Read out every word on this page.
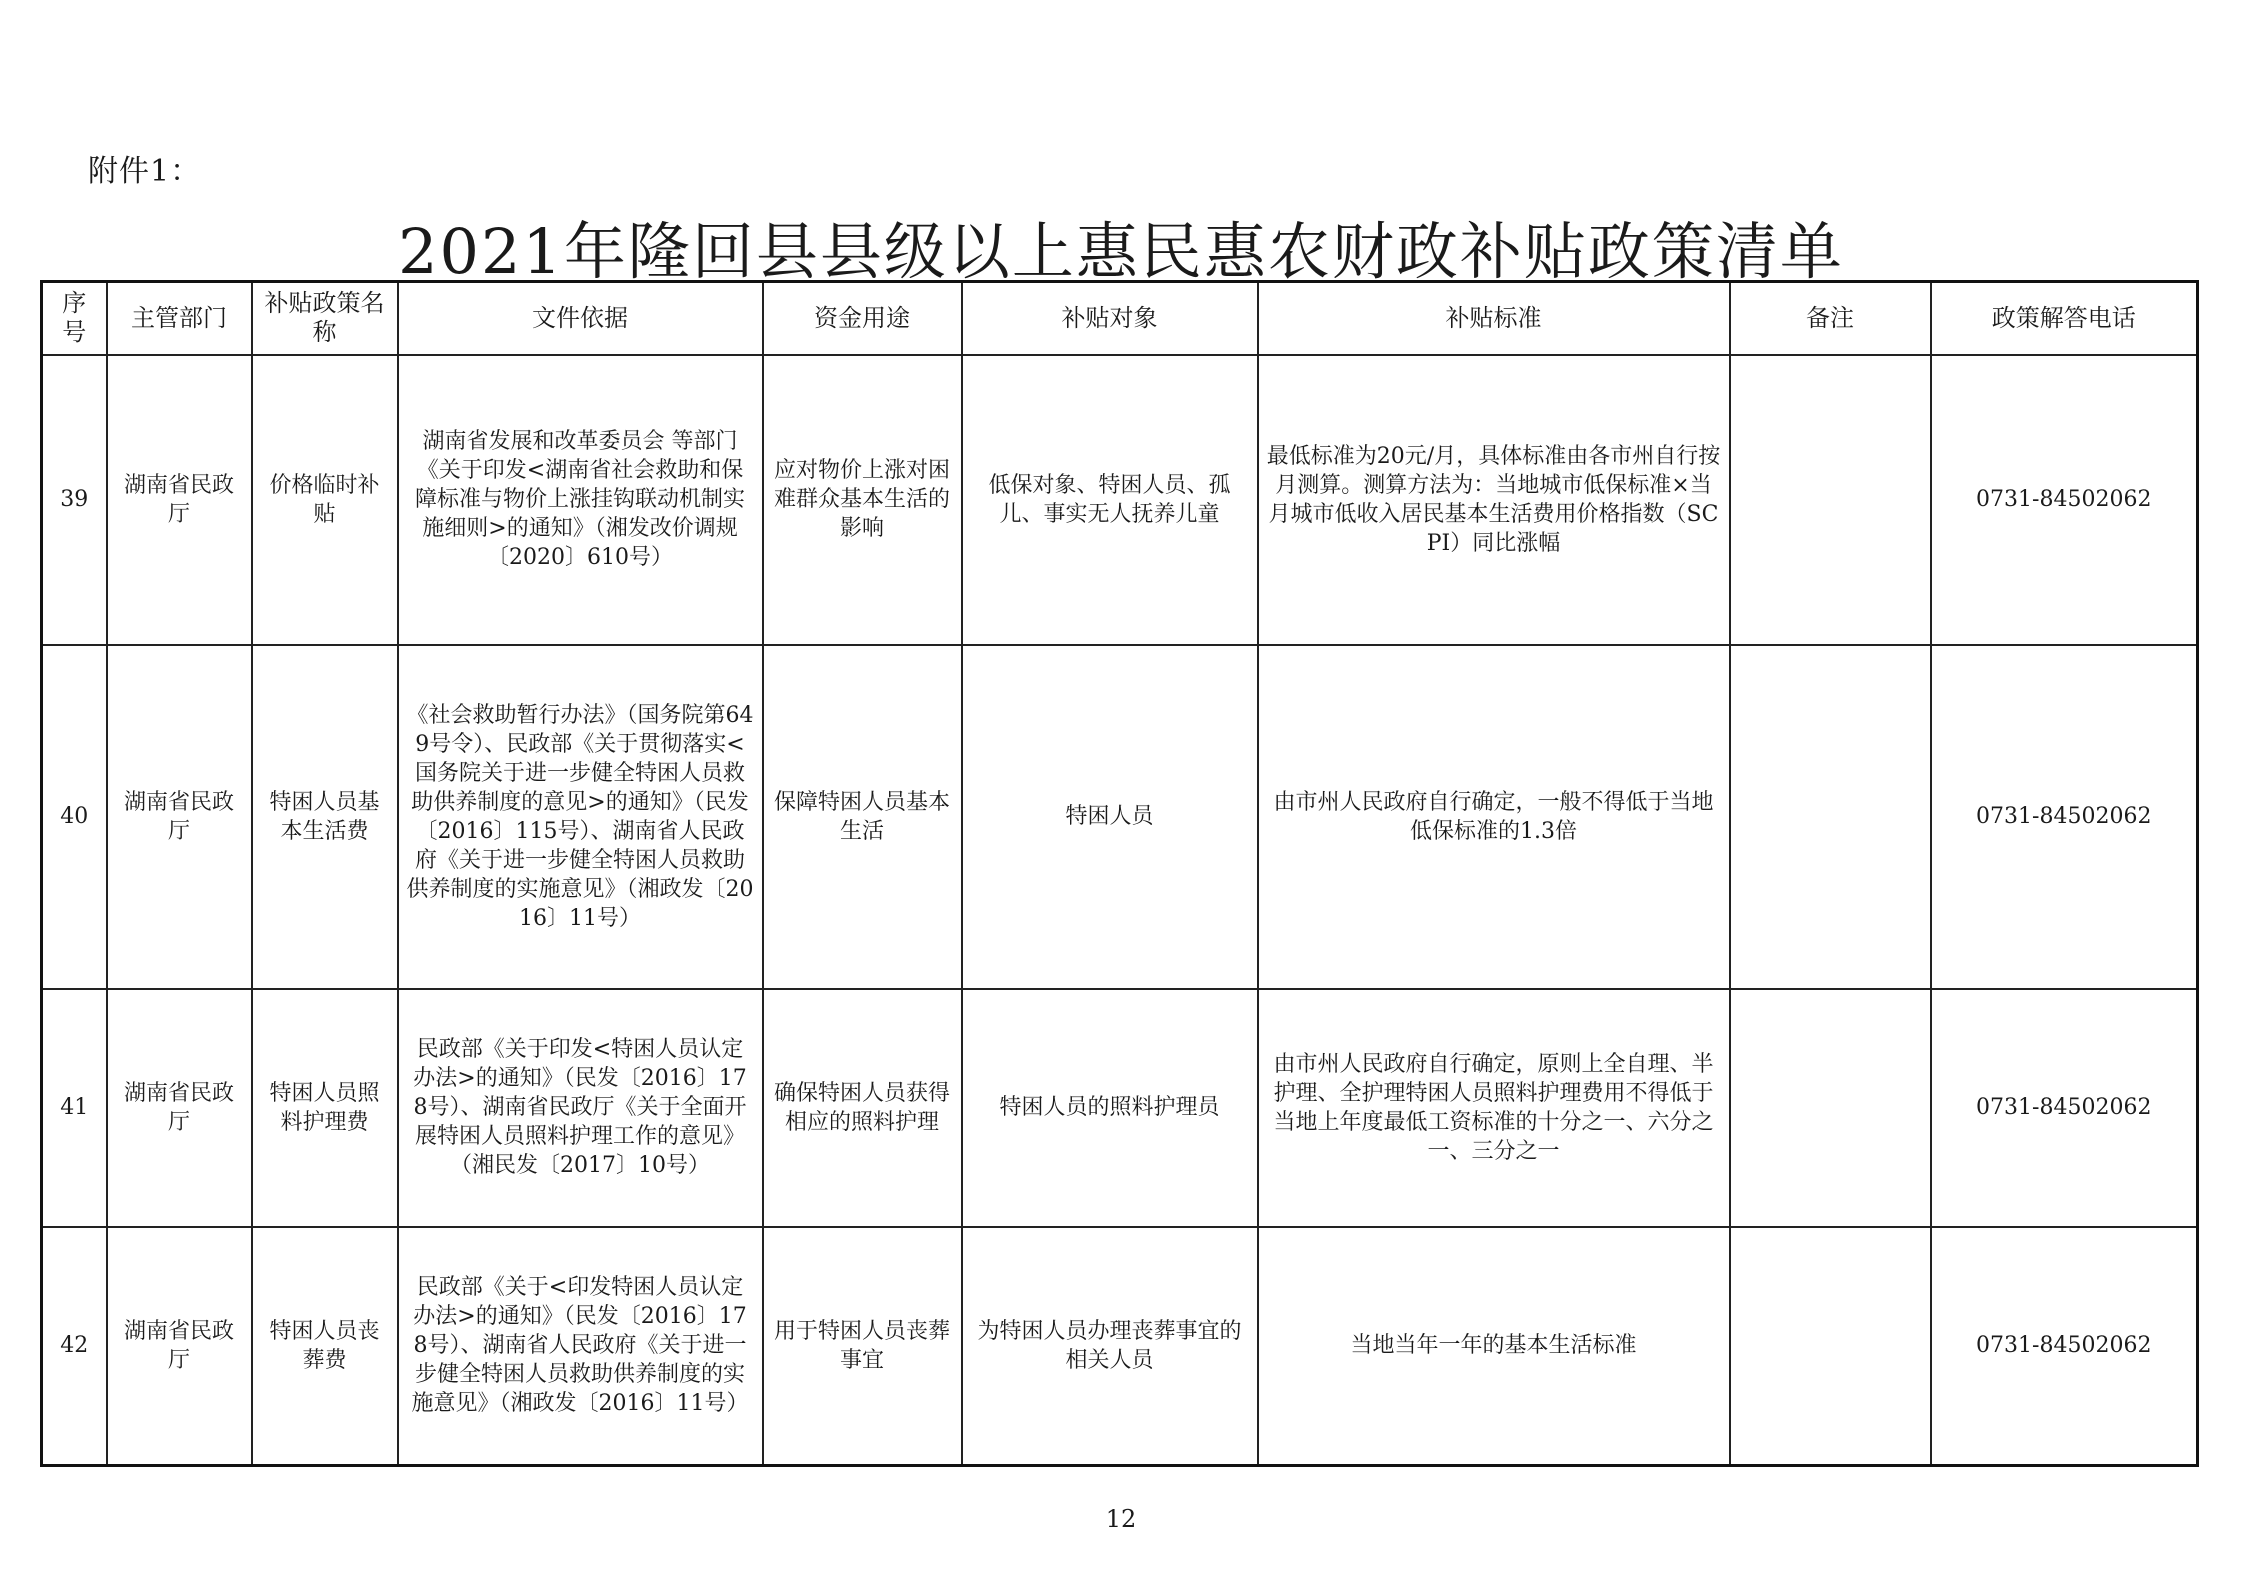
附件1：
2021年隆回县县级以上惠民惠农财政补贴政策清单
序号	主管部门	补贴政策名称	文件依据	资金用途	补贴对象	补贴标准	备注	政策解答电话
39	湖南省民政厅	价格临时补贴	湖南省发展和改革委员会 等部门《关于印发<湖南省社会救助和保障标准与物价上涨挂钩联动机制实施细则>的通知》（湘发改价调规〔2020〕610号）	应对物价上涨对困难群众基本生活的影响	低保对象、特困人员、孤儿、事实无人抚养儿童	最低标准为20元/月，具体标准由各市州自行按月测算。测算方法为：当地城市低保标准×当月城市低收入居民基本生活费用价格指数（SCPI）同比涨幅		0731-84502062
40	湖南省民政厅	特困人员基本生活费	《社会救助暂行办法》（国务院第649号令）、民政部《关于贯彻落实<国务院关于进一步健全特困人员救助供养制度的意见>的通知》（民发〔2016〕115号）、湖南省人民政府《关于进一步健全特困人员救助供养制度的实施意见》（湘政发〔2016〕11号）	保障特困人员基本生活	特困人员	由市州人民政府自行确定，一般不得低于当地低保标准的1.3倍		0731-84502062
41	湖南省民政厅	特困人员照料护理费	民政部《关于印发<特困人员认定办法>的通知》（民发〔2016〕178号）、湖南省民政厅《关于全面开展特困人员照料护理工作的意见》（湘民发〔2017〕10号）	确保特困人员获得相应的照料护理	特困人员的照料护理员	由市州人民政府自行确定，原则上全自理、半护理、全护理特困人员照料护理费用不得低于当地上年度最低工资标准的十分之一、六分之一、三分之一		0731-84502062
42	湖南省民政厅	特困人员丧葬费	民政部《关于<印发特困人员认定办法>的通知》（民发〔2016〕178号）、湖南省人民政府《关于进一步健全特困人员救助供养制度的实施意见》（湘政发〔2016〕11号）	用于特困人员丧葬事宜	为特困人员办理丧葬事宜的相关人员	当地当年一年的基本生活标准		0731-84502062
12
